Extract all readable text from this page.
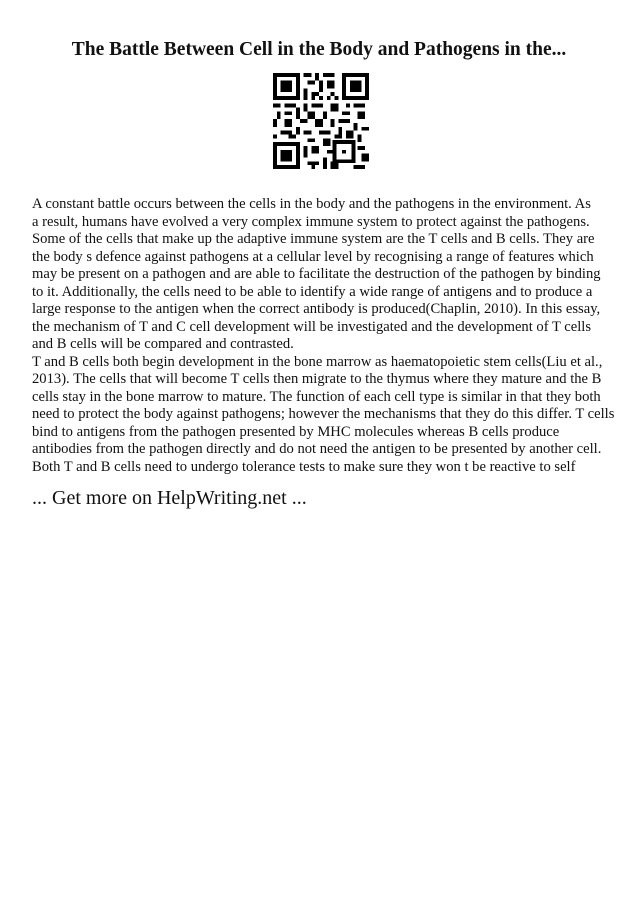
The Battle Between Cell in the Body and Pathogens in the...

A constant battle occurs between the cells in the body and the pathogens in the environment. As
a result, humans have evolved a very complex immune system to protect against the pathogens.
Some of the cells that make up the adaptive immune system are the T cells and B cells. They are
the body s defence against pathogens at a cellular level by recognising a range of features which
may be present on a pathogen and are able to facilitate the destruction of the pathogen by binding
to it. Additionally, the cells need to be able to identify a wide range of antigens and to produce a
large response to the antigen when the correct antibody is produced(Chaplin, 2010). In this essay,
the mechanism of T and C cell development will be investigated and the development of T cells
and B cells will be compared and contrasted.

T and B cells both begin development in the bone marrow as haematopoietic stem cells(Liu et al.,
2013). The cells that will become T cells then migrate to the thymus where they mature and the B
cells stay in the bone marrow to mature. The function of each cell type is similar in that they both
need to protect the body against pathogens; however the mechanisms that they do this differ. T cells
bind to antigens from the pathogen presented by MHC molecules whereas B cells produce
antibodies from the pathogen directly and do not need the antigen to be presented by another cell.
Both T and B cells need to undergo tolerance tests to make sure they won t be reactive to self

... Get more on HelpWriting.net ...
